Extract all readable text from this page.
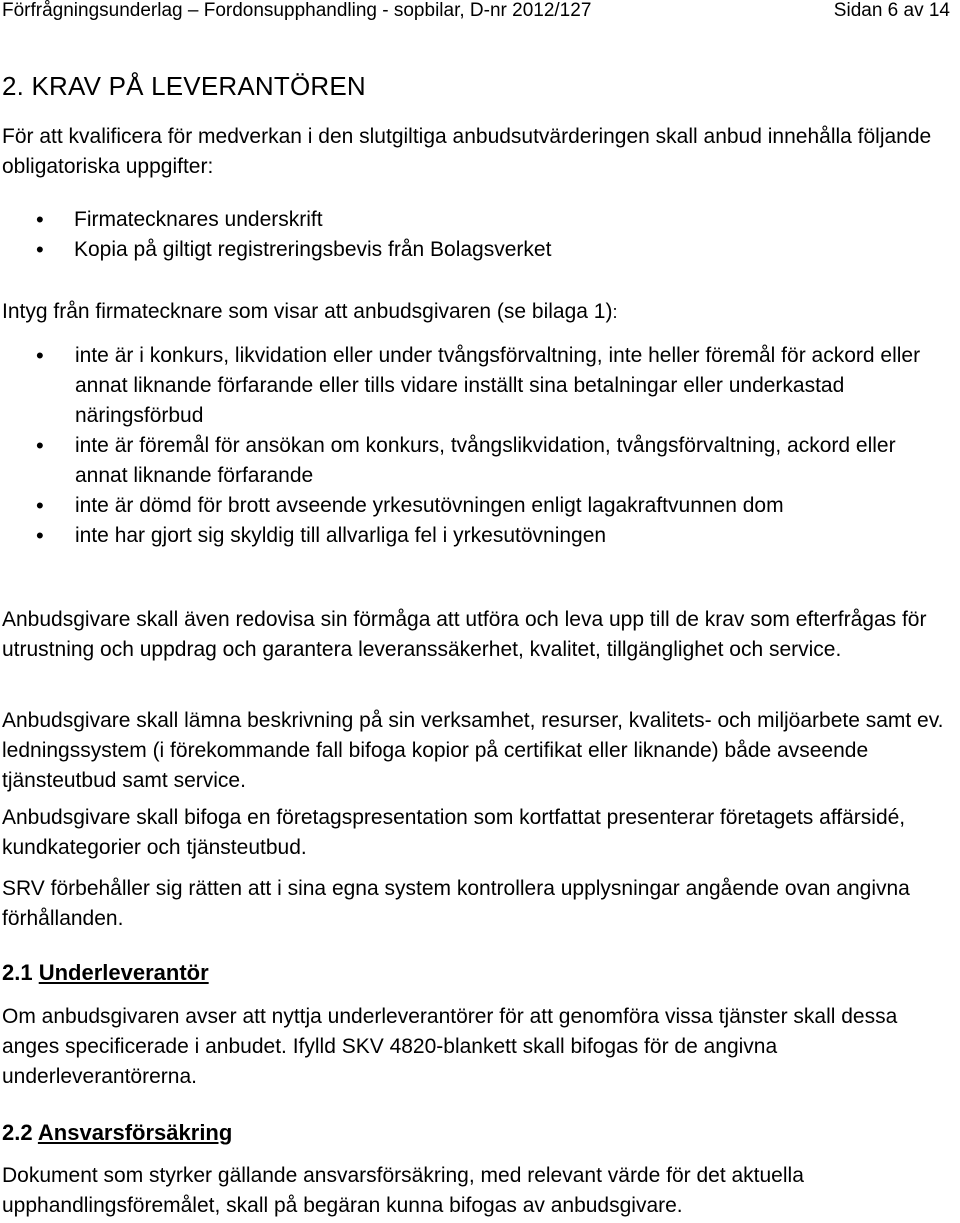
Förfrågningsunderlag – Fordonsupphandling - sopbilar, D-nr 2012/127	Sidan 6 av 14
2. KRAV PÅ LEVERANTÖREN

För att kvalificera för medverkan i den slutgiltiga anbudsutvärderingen skall anbud innehålla följande obligatoriska uppgifter:

• Firmatecknares underskrift
• Kopia på giltigt registreringsbevis från Bolagsverket

Intyg från firmatecknare som visar att anbudsgivaren (se bilaga 1):

• inte är i konkurs, likvidation eller under tvångsförvaltning, inte heller föremål för ackord eller annat liknande förfarande eller tills vidare inställt sina betalningar eller underkastad näringsförbud
• inte är föremål för ansökan om konkurs, tvångslikvidation, tvångsförvaltning, ackord eller annat liknande förfarande
• inte är dömd för brott avseende yrkesutövningen enligt lagakraftvunnen dom
• inte har gjort sig skyldig till allvarliga fel i yrkesutövningen

Anbudsgivare skall även redovisa sin förmåga att utföra och leva upp till de krav som efterfrågas för utrustning och uppdrag och garantera leveranssäkerhet, kvalitet, tillgänglighet och service.

Anbudsgivare skall lämna beskrivning på sin verksamhet, resurser, kvalitets- och miljöarbete samt ev. ledningssystem (i förekommande fall bifoga kopior på certifikat eller liknande) både avseende tjänsteutbud samt service.

Anbudsgivare skall bifoga en företagspresentation som kortfattat presenterar företagets affärsidé, kundkategorier och tjänsteutbud.

SRV förbehåller sig rätten att i sina egna system kontrollera upplysningar angående ovan angivna förhållanden.

2.1 Underleverantör

Om anbudsgivaren avser att nyttja underleverantörer för att genomföra vissa tjänster skall dessa anges specificerade i anbudet. Ifylld SKV 4820-blankett skall bifogas för de angivna underleverantörerna.

2.2 Ansvarsförsäkring

Dokument som styrker gällande ansvarsförsäkring, med relevant värde för det aktuella upphandlingsföremålet, skall på begäran kunna bifogas av anbudsgivare.
